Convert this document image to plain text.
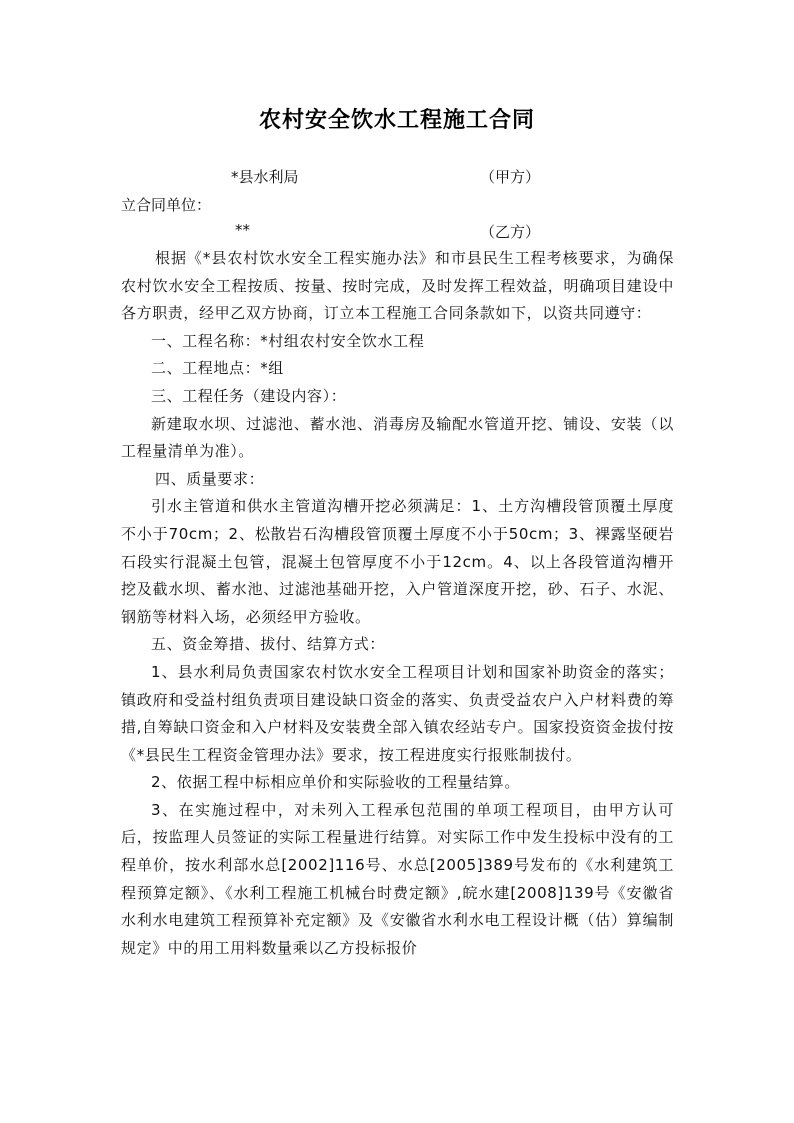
农村安全饮水工程施工合同
*县水利局	（甲方）
立合同单位：
**	（乙方）

根据《*县农村饮水安全工程实施办法》和市县民生工程考核要求，为确保农村饮水安全工程按质、按量、按时完成，及时发挥工程效益，明确项目建设中各方职责，经甲乙双方协商，订立本工程施工合同条款如下，以资共同遵守：

一、工程名称：*村组农村安全饮水工程

二、工程地点：*组

三、工程任务（建设内容）：

新建取水坝、过滤池、蓄水池、消毒房及输配水管道开挖、铺设、安装（以工程量清单为准）。

四、质量要求：

引水主管道和供水主管道沟槽开挖必须满足：1、土方沟槽段管顶覆土厚度不小于70cm；2、松散岩石沟槽段管顶覆土厚度不小于50cm；3、裸露坚硬岩石段实行混凝土包管，混凝土包管厚度不小于12cm。4、以上各段管道沟槽开挖及截水坝、蓄水池、过滤池基础开挖，入户管道深度开挖，砂、石子、水泥、钢筋等材料入场，必须经甲方验收。

五、资金筹措、拔付、结算方式：

1、县水利局负责国家农村饮水安全工程项目计划和国家补助资金的落实；镇政府和受益村组负责项目建设缺口资金的落实、负责受益农户入户材料费的筹措,自筹缺口资金和入户材料及安装费全部入镇农经站专户。国家投资资金拔付按《*县民生工程资金管理办法》要求，按工程进度实行报账制拔付。

2、依据工程中标相应单价和实际验收的工程量结算。

3、在实施过程中，对未列入工程承包范围的单项工程项目，由甲方认可后，按监理人员签证的实际工程量进行结算。对实际工作中发生投标中没有的工程单价，按水利部水总[2002]116号、水总[2005]389号发布的《水利建筑工程预算定额》、《水利工程施工机械台时费定额》,皖水建[2008]139号《安徽省水利水电建筑工程预算补充定额》及《安徽省水利水电工程设计概（估）算编制规定》中的用工用料数量乘以乙方投标报价
